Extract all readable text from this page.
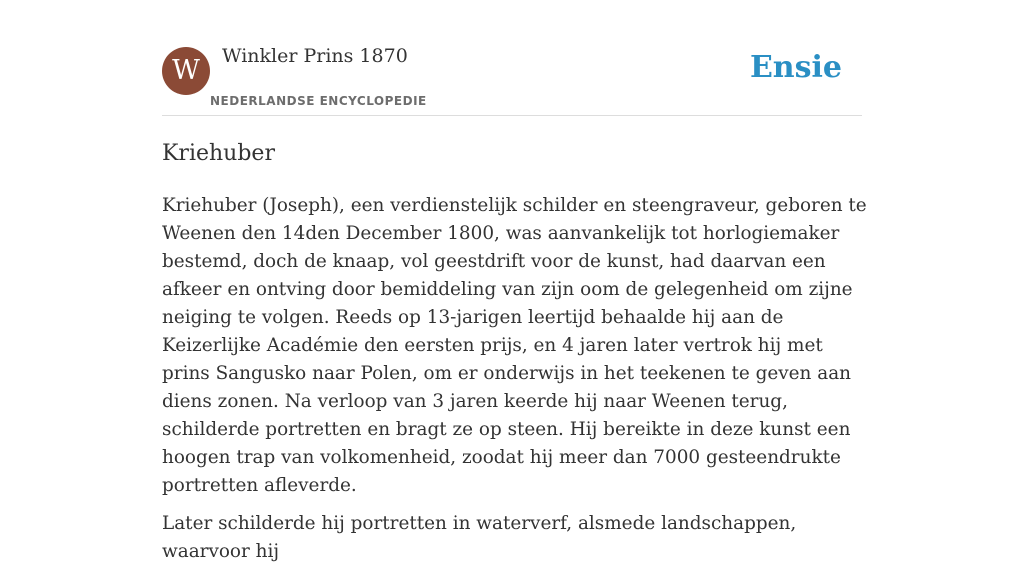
W	Winkler Prins 1870
NEDERLANDSE ENCYCLOPEDIE
Ensie
Kriehuber

Kriehuber (Joseph), een verdienstelijk schilder en steengraveur, geboren te Weenen den 14den December 1800, was aanvankelijk tot horlogiemaker bestemd, doch de knaap, vol geestdrift voor de kunst, had daarvan een afkeer en ontving door bemiddeling van zijn oom de gelegenheid om zijne neiging te volgen. Reeds op 13-jarigen leertijd behaalde hij aan de Keizerlijke Académie den eersten prijs, en 4 jaren later vertrok hij met prins Sangusko naar Polen, om er onderwijs in het teekenen te geven aan diens zonen. Na verloop van 3 jaren keerde hij naar Weenen terug, schilderde portretten en bragt ze op steen. Hij bereikte in deze kunst een hoogen trap van volkomenheid, zoodat hij meer dan 7000 gesteendrukte portretten afleverde.

Later schilderde hij portretten in waterverf, alsmede landschappen, waarvoor hij
